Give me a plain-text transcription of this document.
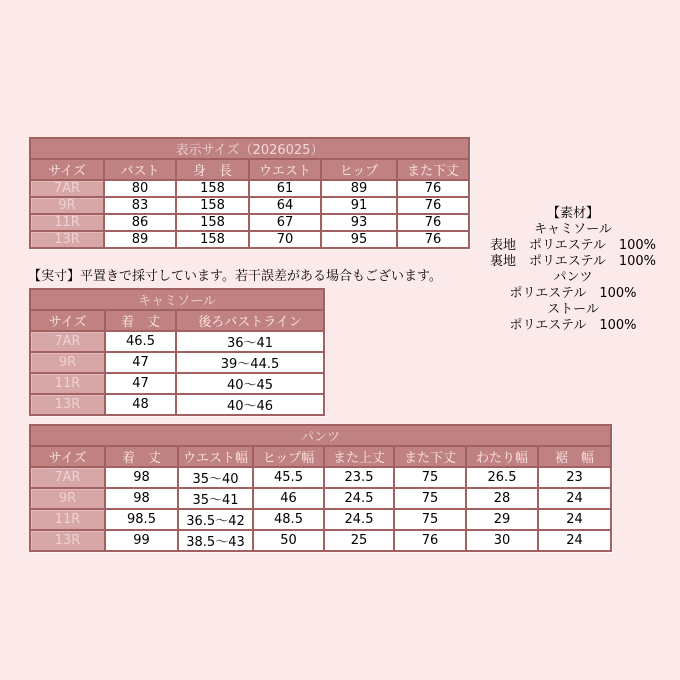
表示サイズ（2026025）					
サイズ	バスト	身　長	ウエスト	ヒップ	また下丈
7AR	80	158	61	89	76
9R	83	158	64	91	76
11R	86	158	67	93	76
13R	89	158	70	95	76
【実寸】平置きで採寸しています。若干誤差がある場合もございます。
キャミソール		
サイズ	着　丈	後ろバストライン
7AR	46.5	36～41
9R	47	39～44.5
11R	47	40～45
13R	48	40～46
【素材】
キャミソール
表地　ポリエステル　100%
裏地　ポリエステル　100%
パンツ
ポリエステル　100%
ストール
ポリエステル　100%
パンツ							
サイズ	着　丈	ウエスト幅	ヒップ幅	また上丈	また下丈	わたり幅	裾　幅
7AR	98	35～40	45.5	23.5	75	26.5	23
9R	98	35～41	46	24.5	75	28	24
11R	98.5	36.5～42	48.5	24.5	75	29	24
13R	99	38.5～43	50	25	76	30	24
